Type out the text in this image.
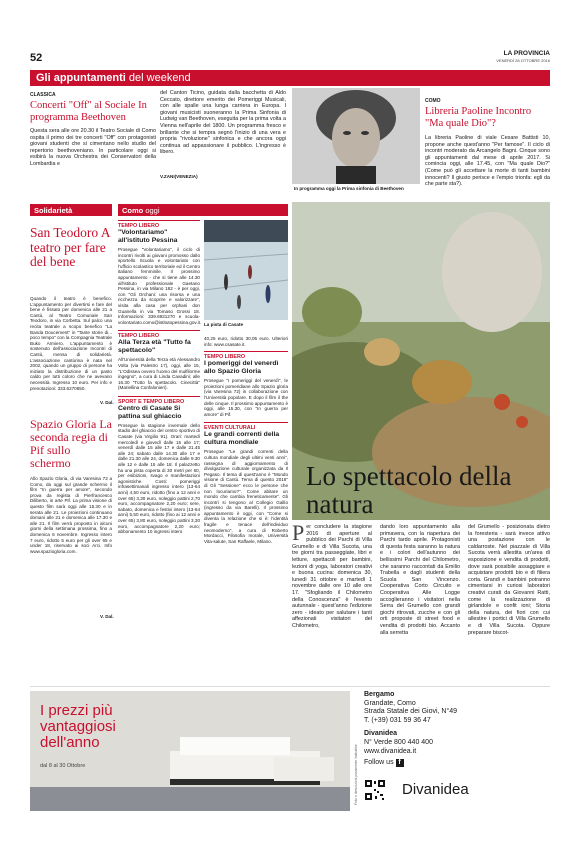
52	LA PROVINCIA
VENERDÌ 28 OTTOBRE 2016
Gli appuntamenti del weekend
CLASSICA
Concerti "Off" al Sociale In programma Beethoven
Questa sera alle ore 20.30 il Teatro Sociale di Como ospita il primo dei tre concerti "Off" con protagonisti giovani studenti che si cimentano nello studio del repertorio beethoveniano. In particolare oggi si esibirà la nuova Orchestra dei Conservatori della Lombardia e
del Canton Ticino, guidata dalla bacchetta di Aldo Ceccato, direttore emerito dei Pomeriggi Musicali, con alle spalle una lunga carriera in Europa. I giovani musicisti suoneranno la Prima Sinfonia di Ludwig van Beethoven, eseguita per la prima volta a Vienna nell'aprile del 1800. Un programma fresco e brillante che si tempra segnò l'inizio di una vera e propria "rivoluzione" sinfonica e che ancora oggi continua ad appassionare il pubblico. L'ingresso è libero.
V.ZANI(VENEZIA)
In programma oggi la Prima sinfonia di Beethoven
COMO
Libreria Paoline Incontro "Ma quale Dio"?
La libreria Paoline di viale Cesare Battisti 10, propone anche quest'anno "Per famose". Il ciclo di incontri moderato da Arcangelo Bagni. Cinque sono gli appuntamenti dal mese di aprile 2017. Si comincia oggi, alle 17.45, con "Ma quale Dio?" (Come può gli accettare la morte di tanti bambini innocenti? Il giusto perisce e l'empio trionfa: egli da che parte sta?).
Solidarietà
San Teodoro A teatro per fare del bene
Quando il teatro è benefico. L'appuntamento per divertirsi e fare del bene è fissato per domenica alle 21 a Cantù, al Teatro Comunale San Teodoro, in via Corbetta. Sul palco una recita teatrale a scopo benefico "La Banda Doucement" in "Tante storie di... poco tempo" con la Compagnia Teatrale Buko Armiero. L'appuntamento è sostenuto dell'associazione Incontri di Cantù, mensa di solidarietà. L'associazione cantùrina è nata nel 2002, quando un gruppo di persone ha iniziato la distribuzione di un pasto caldo per tutti coloro che ne avevano necessità. Ingresso 10 euro. Per info e prenotazioni: 333.6270650.
V. Dal.
Spazio Gloria La seconda regia di Pif sullo schermo
Allo Spazio Gloria, di via Varesina 72 a Como, da oggi sul grande schermo il film "In guerra per amore", secondo prova da regista di Pierfrancesco Diliberto, in arte Pif. La prima visione di questo film sarà oggi alle 15.30 e in serata alle 21. Le proiezioni continuano domani alle 21 e domenica alle 17.30 e alle 21. Il film verrà proposto in alcuni giorni della settimana prossima, fino a domenica 6 novembre. Ingresso intero 7 euro, ridotto 5 euro per gli over 65 e under 18, riservato ai soci Arci. Info www.spaziogloria.com.
V. Dal.
Como oggi
TEMPO LIBERO
"Volontariamo" all'istituto Pessina
Prosegue "Volontariamo", il ciclo di incontri rivolti ai giovani promosso dallo sportello Scuola e volontariato con l'ufficio scolastico territoriale ed il Centro italiano femminile. Il prossimo appuntamento - che si tiene alle 14.30 all'istituto professionale Gaetano Pessina, in via Milano 182 - è per oggi, con "Gli Orchani: una risorsa e una ricchezza da scoprire e valorizzare", visita alla casa per orphani don Guanella in via Tomaso Grossi 18. Informazioni: 339.6931270 e scuola-volontariato.como@istitutopessina.gov.it.
TEMPO LIBERO
Alla Terza età "Tutto fa spettacolo"
All'Università della Terza età Alessandro Volta (via Palestro 17), oggi, alle 15, "L'Odissea ovvero l'uomo del mulfilorme ingegno", a cura di Linda Cavadini; alle 16.30 "Tutto fa spettacolo. Cinecittà" (Mariellina Confalonieri).
SPORT E TEMPO LIBERO
Centro di Casate Si pattina sul ghiaccio
Prosegue la stagione invernale dello stadio del ghiaccio del centro sportivo di Casate (via Virgilio 91). Orari: martedì mercoledì e giovedì dalle 15 alle 17; venerdì dalle 15 alle 17 e dalle 21.45 alle 24; sabato dalle 14.30 alle 17 e dalle 21.30 alle 24, domenica dalle 9.30 alle 12 e dalle 15 alle 18. Il palazzetto ha una pista coperta di 30 metri per 60, per esibizioni, svago e manifestazioni agonistiche. Costi: pomeriggi infrasettimanali ingresso intero (13-64 anni) 4,50 euro, ridotto (fino a 12 anni e over 65) 3,30 euro, noleggio pattini 2,70 euro, accompagnatore 2,20 euro; sere, sabato, domenica e festivi intero (13-64 anni) 5,50 euro, ridotto (fino ai 12 anni e over 65) 3,80 euro, noleggio pattini 3,30 euro, accompagnatore 2,20 euro; abbonamento 10 ingressi intero
La pista di Casate
40,25 euro, ridotto 30,05 euro. Ulteriori info: www.csasate.it.
TEMPO LIBERO
I pomeriggi del venerdì allo Spazio Gloria
Prosegue "I pomeriggi del venerdì", le proiezioni pomeridiane allo Spazio gloria (via Varesina 72) in collaborazione con l'Università popolare. E dopo il film il the delle cinque. Il prossimo appuntamento è oggi, alle 15.30, con "In guerra per amore" di Pif.
EVENTI CULTURALI
Le grandi correnti della cultura mondiale
Prosegue "Le grandi correnti della cultura mondiale degli ultimi venti anni", rassegna di aggiornamento di divulgazione culturale organizzata da Il Pegaso. Il tema di quest'anno è "Mondo visione di Cantù. Tema di questo 2016" di Gli "Sessione" ecco le persone che non locuriamo?". Come abitare un mondo che cambia freneticamente". Gli incontri si tengono al Collegio Gallio (ingresso da via Barelli). Il prossimo appuntamento è oggi, con "Come si diventa la relazione che si è: l'identità fragile e tenace dell'individuo neomoderno", a cura di Roberto Mordacci, Filosofia morale, Università Vita-salute, San Raffaele, Milano.
Lo spettacolo della natura
Per concludere la stagione 2016 di aperture al pubblico dei Parchi di Villa Grumello e di Villa Sucota, una tre giorni tra passeggiate, libri e letture, spettacoli per bambini, lezioni di yoga, laboratori creativi e buona cucina: domenica 30, lunedì 31 ottobre e martedì 1 novembre dalle ore 10 alle ore 17. "Sfogliando il Chilometro della Conoscenza" è l'evento autunnale - quest'anno l'edizione zero - ideato per salutare i tanti affezionati visitatori del Chilometro,
dando loro appuntamento alla primavera, con la riapertura dei Parchi tardo aprile. Protagonisti di questa festa saranno la natura e i colori dell'autunno dei bellissimi Parchi del Chilometro, che saranno raccontati da Emilio Trabella e dagli studenti della Scuola San Vincenzo. Cooperativa Corto Circuito e Cooperativa Alle Logge accoglieranno i visitatori nella Serra del Grumello con grandi giochi ritrovati, zucche e con gli orti proposte di street food e vendita di prodotti bio. Accanto alla serretta
del Grumello - posizionata dietro la foresteria - sarà invece attivo una postazione con le caldarroste. Nel piazzale di Villa Sucota verrà allestita un'area di esposizione e vendita di prodotti, dove sarà possibile assaggiare e acquistare prodotti bio e di filiera corta. Grandi e bambini potranno cimentarsi in curiosi laboratori creativi curati da Giovanni Ratti, come la realizzazione di girlandole e confit ioni; Storia della natura, dei fiori con cui allestire i portici di Villa Grumello e di Villa Sucota. Oppure preparare biscot-
I prezzi più vantaggiosi dell'anno
dal 8 al 30 Ottobre	Foto e descrizioni puramente indicative
Bergamo
Grandate, Como
Strada Statale dei Giovi, N°49
T. (+39) 031 59 36 47
Divanidea
N° Verde 800 440 400
www.divanidea.it
Follow us f
Divanidea
